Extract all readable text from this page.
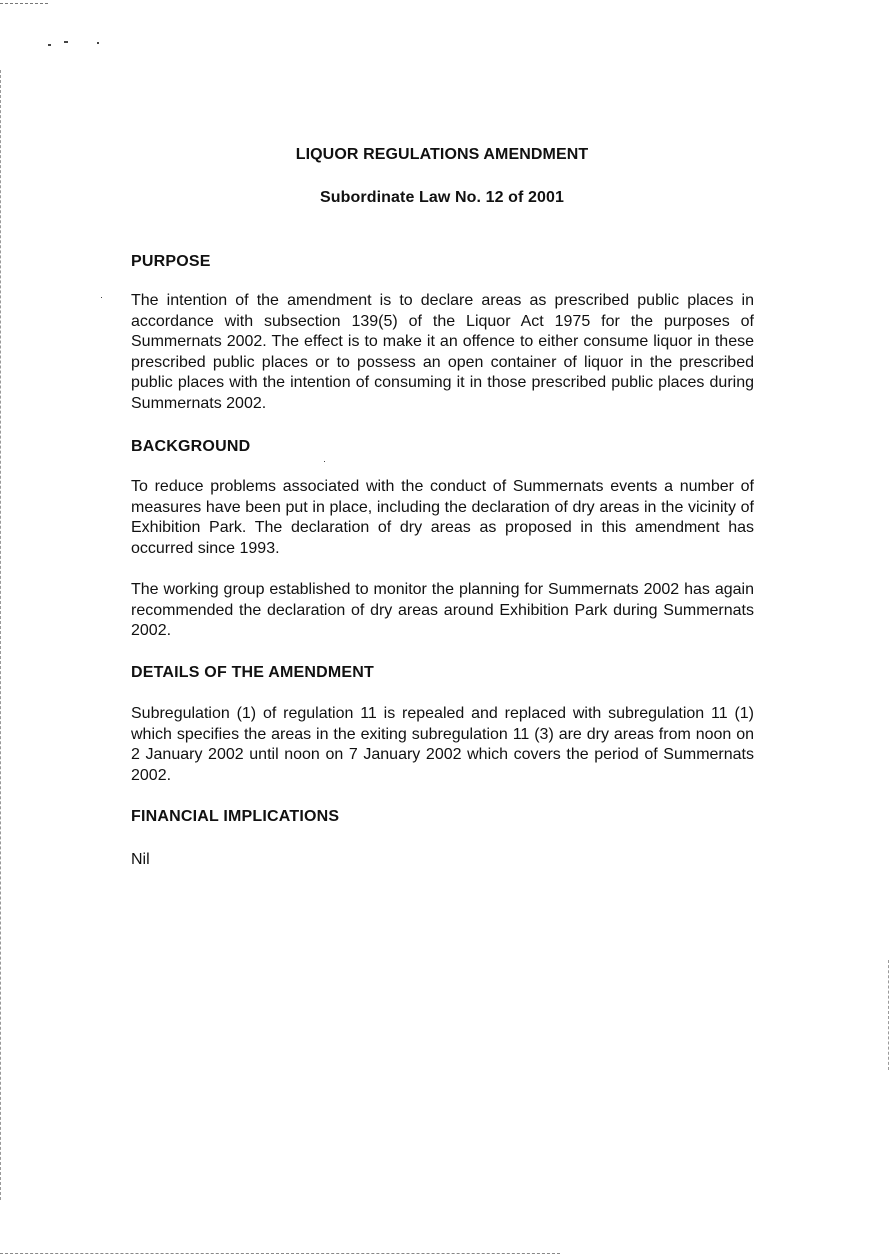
LIQUOR REGULATIONS AMENDMENT
Subordinate Law No. 12 of 2001
PURPOSE
The intention of the amendment is to declare areas as prescribed public places in accordance with subsection 139(5) of the Liquor Act 1975 for the purposes of Summernats 2002. The effect is to make it an offence to either consume liquor in these prescribed public places or to possess an open container of liquor in the prescribed public places with the intention of consuming it in those prescribed public places during Summernats 2002.
BACKGROUND
To reduce problems associated with the conduct of Summernats events a number of measures have been put in place, including the declaration of dry areas in the vicinity of Exhibition Park. The declaration of dry areas as proposed in this amendment has occurred since 1993.
The working group established to monitor the planning for Summernats 2002 has again recommended the declaration of dry areas around Exhibition Park during Summernats 2002.
DETAILS OF THE AMENDMENT
Subregulation (1) of regulation 11 is repealed and replaced with subregulation 11 (1) which specifies the areas in the exiting subregulation 11 (3) are dry areas from noon on 2 January 2002 until noon on 7 January 2002 which covers the period of Summernats 2002.
FINANCIAL IMPLICATIONS
Nil
